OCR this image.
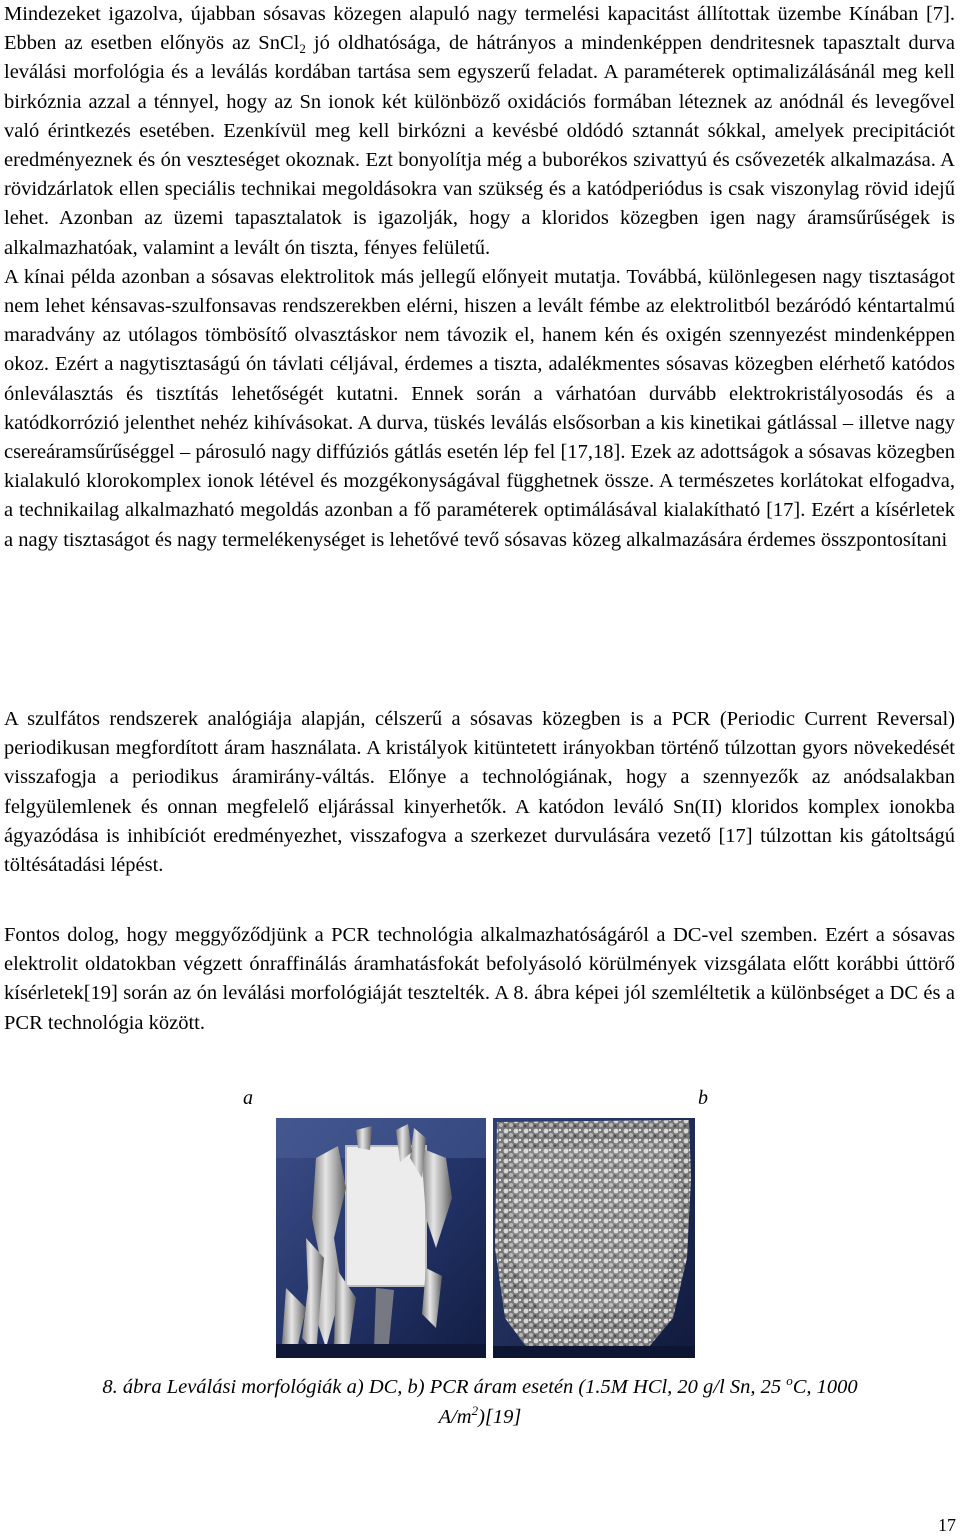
Mindezeket igazolva, újabban sósavas közegen alapuló nagy termelési kapacitást állítottak üzembe Kínában [7]. Ebben az esetben előnyös az SnCl$_2$ jó oldhatósága, de hátrányos a mindenképpen dendritesnek tapasztalt durva leválási morfológia és a leválás kordában tartása sem egyszerű feladat. A paraméterek optimalizálásánál meg kell birkóznia azzal a ténnyel, hogy az Sn ionok két különböző oxidációs formában léteznek az anódnál és levegővel való érintkezés esetében. Ezenkívül meg kell birkózni a kevésbé oldódó sztannát sókkal, amelyek precipitációt eredményeznek és ón veszteséget okoznak. Ezt bonyolítja még a buborékos szivattyú és csővezeték alkalmazása. A rövidzárlatok ellen speciális technikai megoldásokra van szükség és a katódperiódus is csak viszonylag rövid idejű lehet. Azonban az üzemi tapasztalatok is igazolják, hogy a kloridos közegben igen nagy áramsűrűségek is alkalmazhatóak, valamint a levált ón tiszta, fényes felületű.
A kínai példa azonban a sósavas elektrolitok más jellegű előnyeit mutatja. Továbbá, különlegesen nagy tisztaságot nem lehet kénsavas-szulfonsavas rendszerekben elérni, hiszen a levált fémbe az elektrolitból bezáródó kéntartalmú maradvány az utólagos tömbösítő olvasztáskor nem távozik el, hanem kén és oxigén szennyezést mindenképpen okoz. Ezért a nagytisztaságú ón távlati céljával, érdemes a tiszta, adalékmentes sósavas közegben elérhető katódos ónleválasztás és tisztítás lehetőségét kutatni. Ennek során a várhatóan durvább elektrokristályosodás és a katódkorrózió jelenthet nehéz kihívásokat. A durva, tüskés leválás elsősorban a kis kinetikai gátlással – illetve nagy csereáramsűrűséggel – párosuló nagy diffúziós gátlás esetén lép fel [17,18]. Ezek az adottságok a sósavas közegben kialakuló klorokomplex ionok létével és mozgékonyságával függhetnek össze. A természetes korlátokat elfogadva, a technikailag alkalmazható megoldás azonban a fő paraméterek optimálásával kialakítható [17]. Ezért a kísérletek a nagy tisztaságot és nagy termelékenységet is lehetővé tevő sósavas közeg alkalmazására érdemes összpontosítani

A szulfátos rendszerek analógiája alapján, célszerű a sósavas közegben is a PCR (Periodic Current Reversal) periodikusan megfordított áram használata. A kristályok kitüntetett irányokban történő túlzottan gyors növekedését visszafogja a periodikus áramirány-váltás. Előnye a technológiának, hogy a szennyezők az anódsalakban felgyülemlenek és onnan megfelelő eljárással kinyerhetők. A katódon leváló Sn(II) kloridos komplex ionokba ágyazódása is inhibíciót eredményezhet, visszafogva a szerkezet durvulására vezető [17] túlzottan kis gátoltságú töltésátadási lépést.

Fontos dolog, hogy meggyőződjünk a PCR technológia alkalmazhatóságáról a DC-vel szemben. Ezért a sósavas elektrolit oldatokban végzett ónraffinálás áramhatásfokát befolyásoló körülmények vizsgálata előtt korábbi úttörő kísérletek[19] során az ón leválási morfológiáját tesztelték. A 8. ábra képei jól szemléltetik a különbséget a DC és a PCR technológia között.

a	b
8. ábra Leválási morfológiák a) DC, b) PCR áram esetén (1.5M HCl, 20 g/l Sn, 25 $^o$C, 1000
$A/m^2)[19]$
17
